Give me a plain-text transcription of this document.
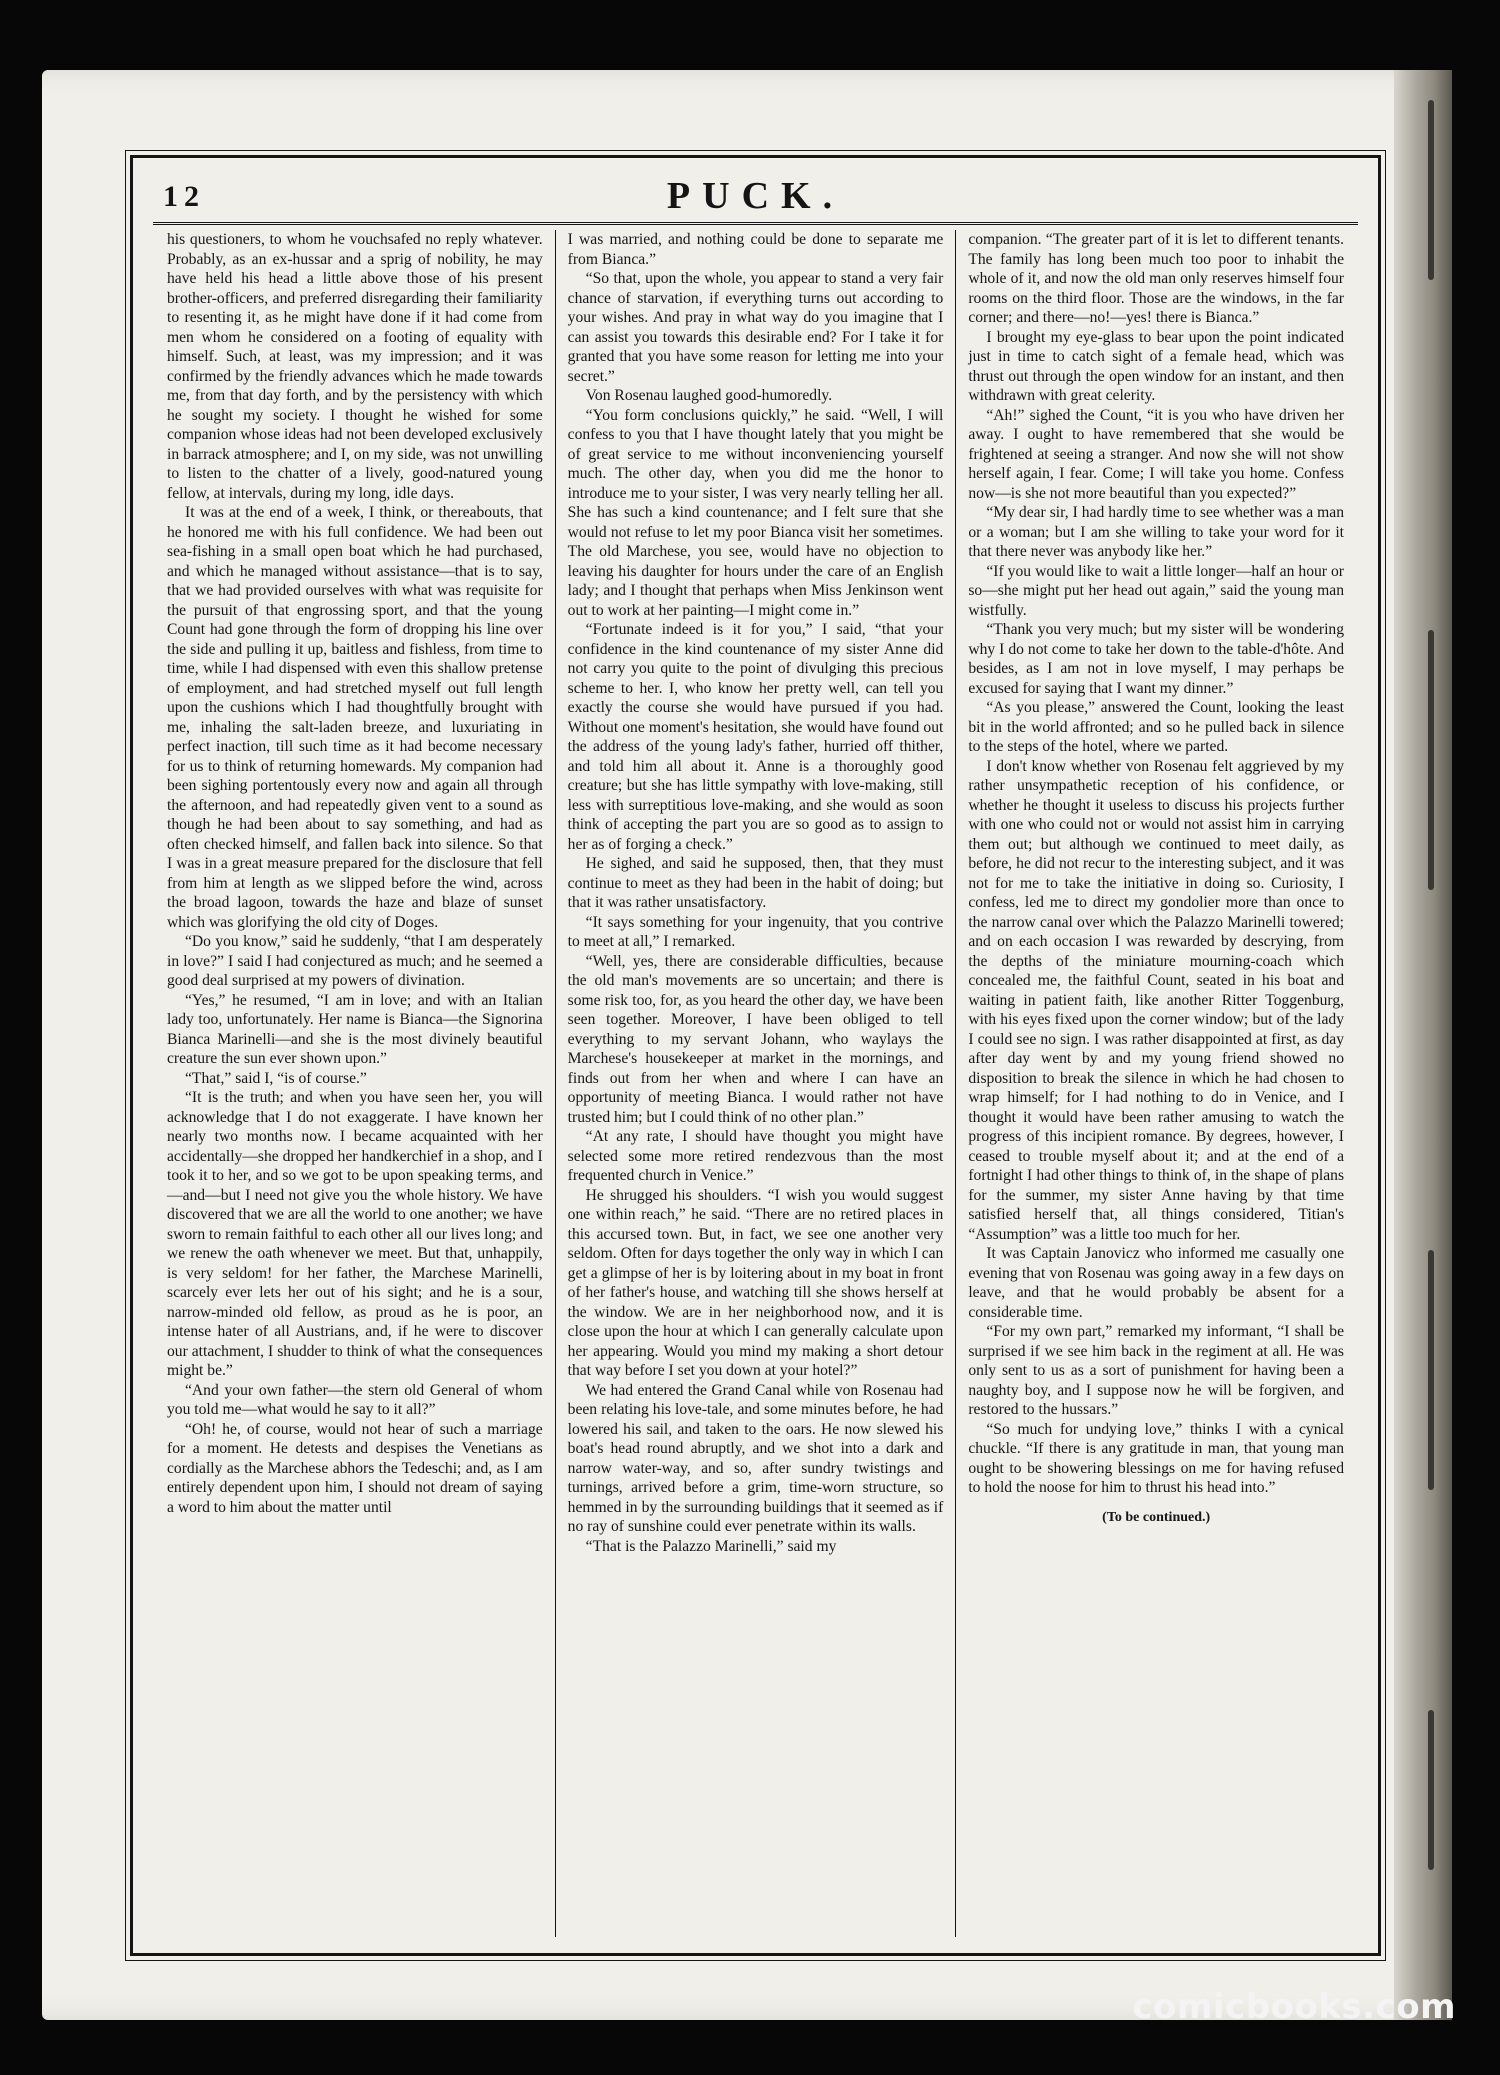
12	PUCK.

his questioners, to whom he vouchsafed no reply whatever. Probably, as an ex-hussar and a sprig of nobility, he may have held his head a little above those of his present brother-officers, and preferred disregarding their familiarity to resenting it, as he might have done if it had come from men whom he considered on a footing of equality with himself. Such, at least, was my impression; and it was confirmed by the friendly advances which he made towards me, from that day forth, and by the persistency with which he sought my society. I thought he wished for some companion whose ideas had not been developed exclusively in barrack atmosphere; and I, on my side, was not unwilling to listen to the chatter of a lively, good-natured young fellow, at intervals, during my long, idle days.

It was at the end of a week, I think, or thereabouts, that he honored me with his full confidence. We had been out sea-fishing in a small open boat which he had purchased, and which he managed without assistance—that is to say, that we had provided ourselves with what was requisite for the pursuit of that engrossing sport, and that the young Count had gone through the form of dropping his line over the side and pulling it up, baitless and fishless, from time to time, while I had dispensed with even this shallow pretense of employment, and had stretched myself out full length upon the cushions which I had thoughtfully brought with me, inhaling the salt-laden breeze, and luxuriating in perfect inaction, till such time as it had become necessary for us to think of returning homewards. My companion had been sighing portentously every now and again all through the afternoon, and had repeatedly given vent to a sound as though he had been about to say something, and had as often checked himself, and fallen back into silence. So that I was in a great measure prepared for the disclosure that fell from him at length as we slipped before the wind, across the broad lagoon, towards the haze and blaze of sunset which was glorifying the old city of Doges.

“Do you know,” said he suddenly, “that I am desperately in love?” I said I had conjectured as much; and he seemed a good deal surprised at my powers of divination.

“Yes,” he resumed, “I am in love; and with an Italian lady too, unfortunately. Her name is Bianca—the Signorina Bianca Marinelli—and she is the most divinely beautiful creature the sun ever shown upon.”

“That,” said I, “is of course.”

“It is the truth; and when you have seen her, you will acknowledge that I do not exaggerate. I have known her nearly two months now. I became acquainted with her accidentally—she dropped her handkerchief in a shop, and I took it to her, and so we got to be upon speaking terms, and—and—but I need not give you the whole history. We have discovered that we are all the world to one another; we have sworn to remain faithful to each other all our lives long; and we renew the oath whenever we meet. But that, unhappily, is very seldom! for her father, the Marchese Marinelli, scarcely ever lets her out of his sight; and he is a sour, narrow-minded old fellow, as proud as he is poor, an intense hater of all Austrians, and, if he were to discover our attachment, I shudder to think of what the consequences might be.”

“And your own father—the stern old General of whom you told me—what would he say to it all?”

“Oh! he, of course, would not hear of such a marriage for a moment. He detests and despises the Venetians as cordially as the Marchese abhors the Tedeschi; and, as I am entirely dependent upon him, I should not dream of saying a word to him about the matter until

I was married, and nothing could be done to separate me from Bianca.”

“So that, upon the whole, you appear to stand a very fair chance of starvation, if everything turns out according to your wishes. And pray in what way do you imagine that I can assist you towards this desirable end? For I take it for granted that you have some reason for letting me into your secret.”

Von Rosenau laughed good-humoredly.

“You form conclusions quickly,” he said. “Well, I will confess to you that I have thought lately that you might be of great service to me without inconveniencing yourself much. The other day, when you did me the honor to introduce me to your sister, I was very nearly telling her all. She has such a kind countenance; and I felt sure that she would not refuse to let my poor Bianca visit her sometimes. The old Marchese, you see, would have no objection to leaving his daughter for hours under the care of an English lady; and I thought that perhaps when Miss Jenkinson went out to work at her painting—I might come in.”

“Fortunate indeed is it for you,” I said, “that your confidence in the kind countenance of my sister Anne did not carry you quite to the point of divulging this precious scheme to her. I, who know her pretty well, can tell you exactly the course she would have pursued if you had. Without one moment's hesitation, she would have found out the address of the young lady's father, hurried off thither, and told him all about it. Anne is a thoroughly good creature; but she has little sympathy with love-making, still less with surreptitious love-making, and she would as soon think of accepting the part you are so good as to assign to her as of forging a check.”

He sighed, and said he supposed, then, that they must continue to meet as they had been in the habit of doing; but that it was rather unsatisfactory.

“It says something for your ingenuity, that you contrive to meet at all,” I remarked.

“Well, yes, there are considerable difficulties, because the old man's movements are so uncertain; and there is some risk too, for, as you heard the other day, we have been seen together. Moreover, I have been obliged to tell everything to my servant Johann, who waylays the Marchese's housekeeper at market in the mornings, and finds out from her when and where I can have an opportunity of meeting Bianca. I would rather not have trusted him; but I could think of no other plan.”

“At any rate, I should have thought you might have selected some more retired rendezvous than the most frequented church in Venice.”

He shrugged his shoulders. “I wish you would suggest one within reach,” he said. “There are no retired places in this accursed town. But, in fact, we see one another very seldom. Often for days together the only way in which I can get a glimpse of her is by loitering about in my boat in front of her father's house, and watching till she shows herself at the window. We are in her neighborhood now, and it is close upon the hour at which I can generally calculate upon her appearing. Would you mind my making a short detour that way before I set you down at your hotel?”

We had entered the Grand Canal while von Rosenau had been relating his love-tale, and some minutes before, he had lowered his sail, and taken to the oars. He now slewed his boat's head round abruptly, and we shot into a dark and narrow water-way, and so, after sundry twistings and turnings, arrived before a grim, time-worn structure, so hemmed in by the surrounding buildings that it seemed as if no ray of sunshine could ever penetrate within its walls.

“That is the Palazzo Marinelli,” said my

companion. “The greater part of it is let to different tenants. The family has long been much too poor to inhabit the whole of it, and now the old man only reserves himself four rooms on the third floor. Those are the windows, in the far corner; and there—no!—yes! there is Bianca.”

I brought my eye-glass to bear upon the point indicated just in time to catch sight of a female head, which was thrust out through the open window for an instant, and then withdrawn with great celerity.

“Ah!” sighed the Count, “it is you who have driven her away. I ought to have remembered that she would be frightened at seeing a stranger. And now she will not show herself again, I fear. Come; I will take you home. Confess now—is she not more beautiful than you expected?”

“My dear sir, I had hardly time to see whether was a man or a woman; but I am she willing to take your word for it that there never was anybody like her.”

“If you would like to wait a little longer—half an hour or so—she might put her head out again,” said the young man wistfully.

“Thank you very much; but my sister will be wondering why I do not come to take her down to the table-d'hôte. And besides, as I am not in love myself, I may perhaps be excused for saying that I want my dinner.”

“As you please,” answered the Count, looking the least bit in the world affronted; and so he pulled back in silence to the steps of the hotel, where we parted.

I don't know whether von Rosenau felt aggrieved by my rather unsympathetic reception of his confidence, or whether he thought it useless to discuss his projects further with one who could not or would not assist him in carrying them out; but although we continued to meet daily, as before, he did not recur to the interesting subject, and it was not for me to take the initiative in doing so. Curiosity, I confess, led me to direct my gondolier more than once to the narrow canal over which the Palazzo Marinelli towered; and on each occasion I was rewarded by descrying, from the depths of the miniature mourning-coach which concealed me, the faithful Count, seated in his boat and waiting in patient faith, like another Ritter Toggenburg, with his eyes fixed upon the corner window; but of the lady I could see no sign. I was rather disappointed at first, as day after day went by and my young friend showed no disposition to break the silence in which he had chosen to wrap himself; for I had nothing to do in Venice, and I thought it would have been rather amusing to watch the progress of this incipient romance. By degrees, however, I ceased to trouble myself about it; and at the end of a fortnight I had other things to think of, in the shape of plans for the summer, my sister Anne having by that time satisfied herself that, all things considered, Titian's “Assumption” was a little too much for her.

It was Captain Janovicz who informed me casually one evening that von Rosenau was going away in a few days on leave, and that he would probably be absent for a considerable time.

“For my own part,” remarked my informant, “I shall be surprised if we see him back in the regiment at all. He was only sent to us as a sort of punishment for having been a naughty boy, and I suppose now he will be forgiven, and restored to the hussars.”

“So much for undying love,” thinks I with a cynical chuckle. “If there is any gratitude in man, that young man ought to be showering blessings on me for having refused to hold the noose for him to thrust his head into.”

(To be continued.)
comicbooks.com
